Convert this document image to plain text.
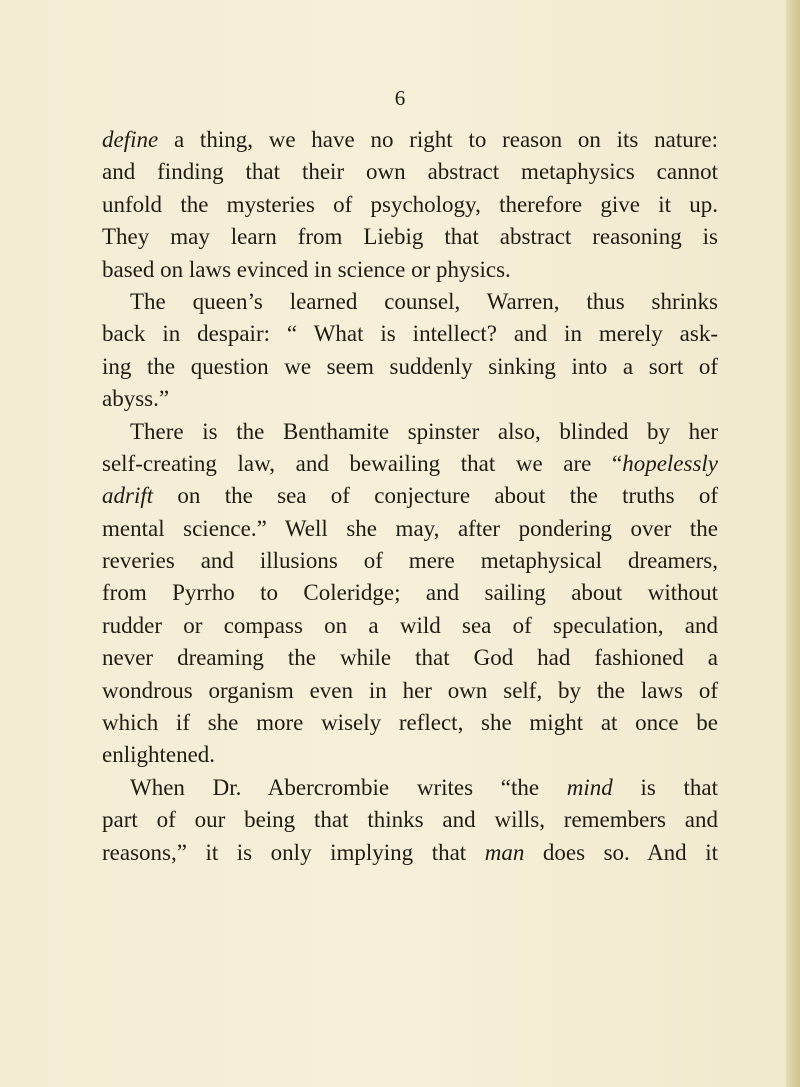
6
define a thing, we have no right to reason on its nature:
and finding that their own abstract metaphysics cannot
unfold the mysteries of psychology, therefore give it up.
They may learn from Liebig that abstract reasoning is
based on laws evinced in science or physics.
The queen’s learned counsel, Warren, thus shrinks
back in despair: “ What is intellect? and in merely ask-
ing the question we seem suddenly sinking into a sort of
abyss.”
There is the Benthamite spinster also, blinded by her
self-creating law, and bewailing that we are “hopelessly
adrift on the sea of conjecture about the truths of
mental science.” Well she may, after pondering over the
reveries and illusions of mere metaphysical dreamers,
from Pyrrho to Coleridge; and sailing about without
rudder or compass on a wild sea of speculation, and
never dreaming the while that God had fashioned a
wondrous organism even in her own self, by the laws of
which if she more wisely reflect, she might at once be
enlightened.
When Dr. Abercrombie writes “the mind is that
part of our being that thinks and wills, remembers and
reasons,” it is only implying that man does so. And it
